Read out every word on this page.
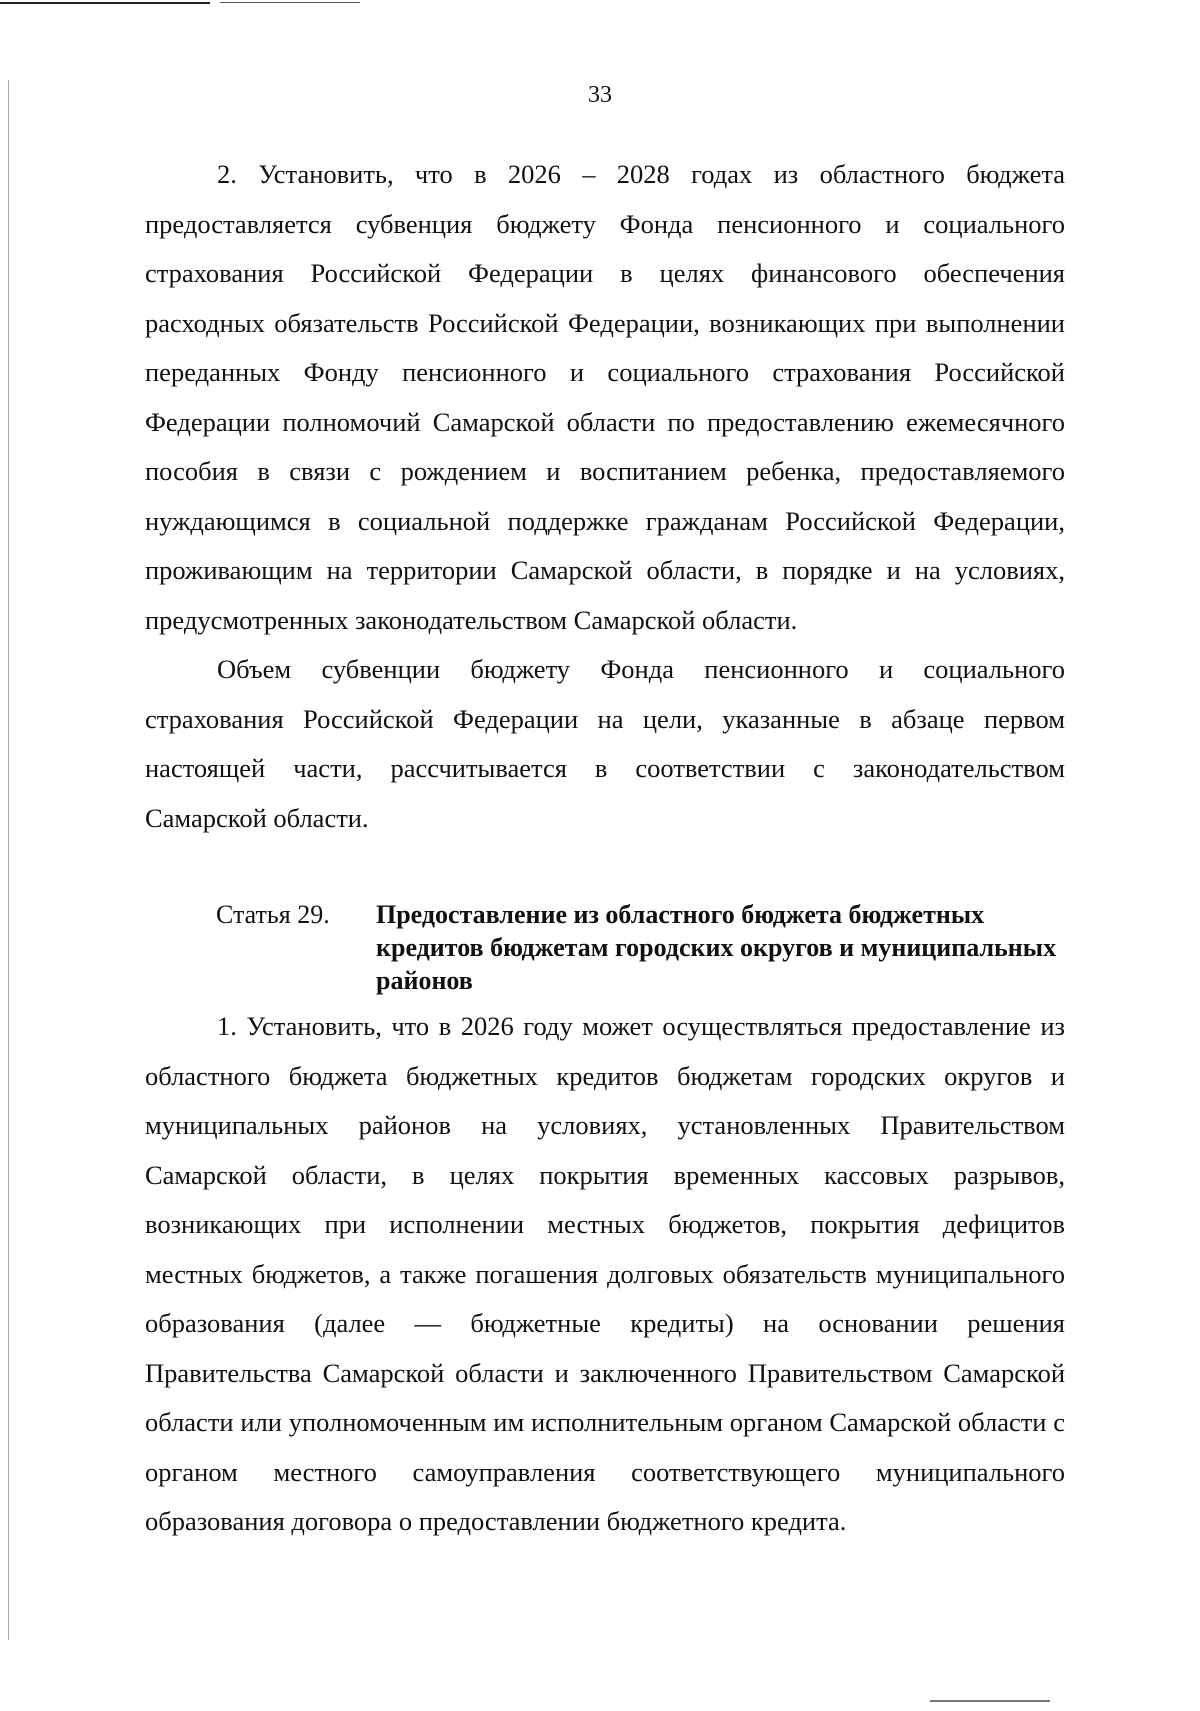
33

2. Установить, что в 2026 – 2028 годах из областного бюджета предоставляется субвенция бюджету Фонда пенсионного и социального страхования Российской Федерации в целях финансового обеспечения расходных обязательств Российской Федерации, возникающих при выполнении переданных Фонду пенсионного и социального страхования Российской Федерации полномочий Самарской области по предоставлению ежемесячного пособия в связи с рождением и воспитанием ребенка, предоставляемого нуждающимся в социальной поддержке гражданам Российской Федерации, проживающим на территории Самарской области, в порядке и на условиях, предусмотренных законодательством Самарской области.

Объем субвенции бюджету Фонда пенсионного и социального страхования Российской Федерации на цели, указанные в абзаце первом настоящей части, рассчитывается в соответствии с законодательством Самарской области.

Статья 29.	Предоставление из областного бюджета бюджетных кредитов бюджетам городских округов и муниципальных районов

1. Установить, что в 2026 году может осуществляться предоставление из областного бюджета бюджетных кредитов бюджетам городских округов и муниципальных районов на условиях, установленных Правительством Самарской области, в целях покрытия временных кассовых разрывов, возникающих при исполнении местных бюджетов, покрытия дефицитов местных бюджетов, а также погашения долговых обязательств муниципального образования (далее — бюджетные кредиты) на основании решения Правительства Самарской области и заключенного Правительством Самарской области или уполномоченным им исполнительным органом Самарской области с органом местного самоуправления соответствующего муниципального образования договора о предоставлении бюджетного кредита.
